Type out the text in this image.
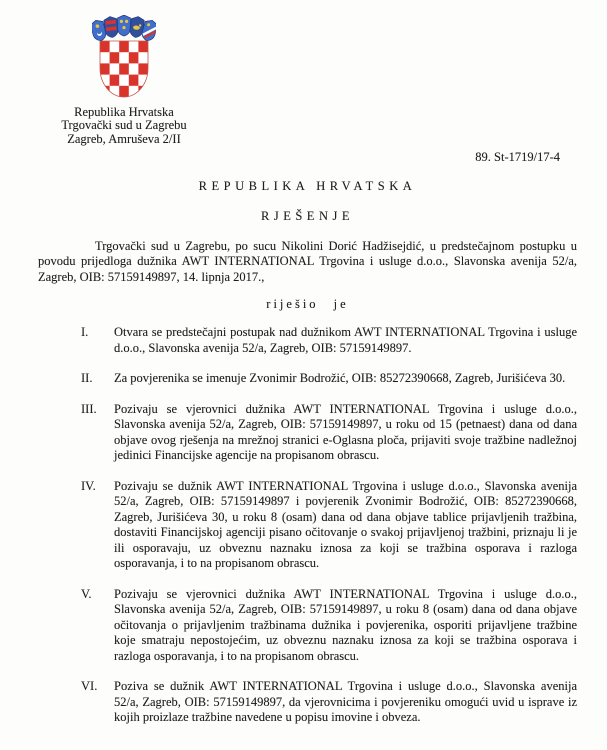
Republika Hrvatska
Trgovački sud u Zagrebu
Zagreb, Amruševa 2/II
89. St-1719/17-4
REPUBLIKA HRVATSKA
RJEŠENJE

Trgovački sud u Zagrebu, po sucu Nikolini Dorić Hadžisejdić, u predstečajnom postupku u povodu prijedloga dužnika AWT INTERNATIONAL Trgovina i usluge d.o.o., Slavonska avenija 52/a, Zagreb, OIB: 57159149897, 14. lipnja 2017.,

riješio je
I.	Otvara se predstečajni postupak nad dužnikom AWT INTERNATIONAL Trgovina i usluge d.o.o., Slavonska avenija 52/a, Zagreb, OIB: 57159149897.
II.	Za povjerenika se imenuje Zvonimir Bodrožić, OIB: 85272390668, Zagreb, Jurišićeva 30.
III.	Pozivaju se vjerovnici dužnika AWT INTERNATIONAL Trgovina i usluge d.o.o., Slavonska avenija 52/a, Zagreb, OIB: 57159149897, u roku od 15 (petnaest) dana od dana objave ovog rješenja na mrežnoj stranici e-Oglasna ploča, prijaviti svoje tražbine nadležnoj jedinici Financijske agencije na propisanom obrascu.
IV.	Pozivaju se dužnik AWT INTERNATIONAL Trgovina i usluge d.o.o., Slavonska avenija 52/a, Zagreb, OIB: 57159149897 i povjerenik Zvonimir Bodrožić, OIB: 85272390668, Zagreb, Jurišićeva 30, u roku 8 (osam) dana od dana objave tablice prijavljenih tražbina, dostaviti Financijskoj agenciji pisano očitovanje o svakoj prijavljenoj tražbini, priznaju li je ili osporavaju, uz obveznu naznaku iznosa za koji se tražbina osporava i razloga osporavanja, i to na propisanom obrascu.
V.	Pozivaju se vjerovnici dužnika AWT INTERNATIONAL Trgovina i usluge d.o.o., Slavonska avenija 52/a, Zagreb, OIB: 57159149897, u roku 8 (osam) dana od dana objave očitovanja o prijavljenim tražbinama dužnika i povjerenika, osporiti prijavljene tražbine koje smatraju nepostojećim, uz obveznu naznaku iznosa za koji se tražbina osporava i razloga osporavanja, i to na propisanom obrascu.
VI.	Poziva se dužnik AWT INTERNATIONAL Trgovina i usluge d.o.o., Slavonska avenija 52/a, Zagreb, OIB: 57159149897, da vjerovnicima i povjereniku omogući uvid u isprave iz kojih proizlaze tražbine navedene u popisu imovine i obveza.
